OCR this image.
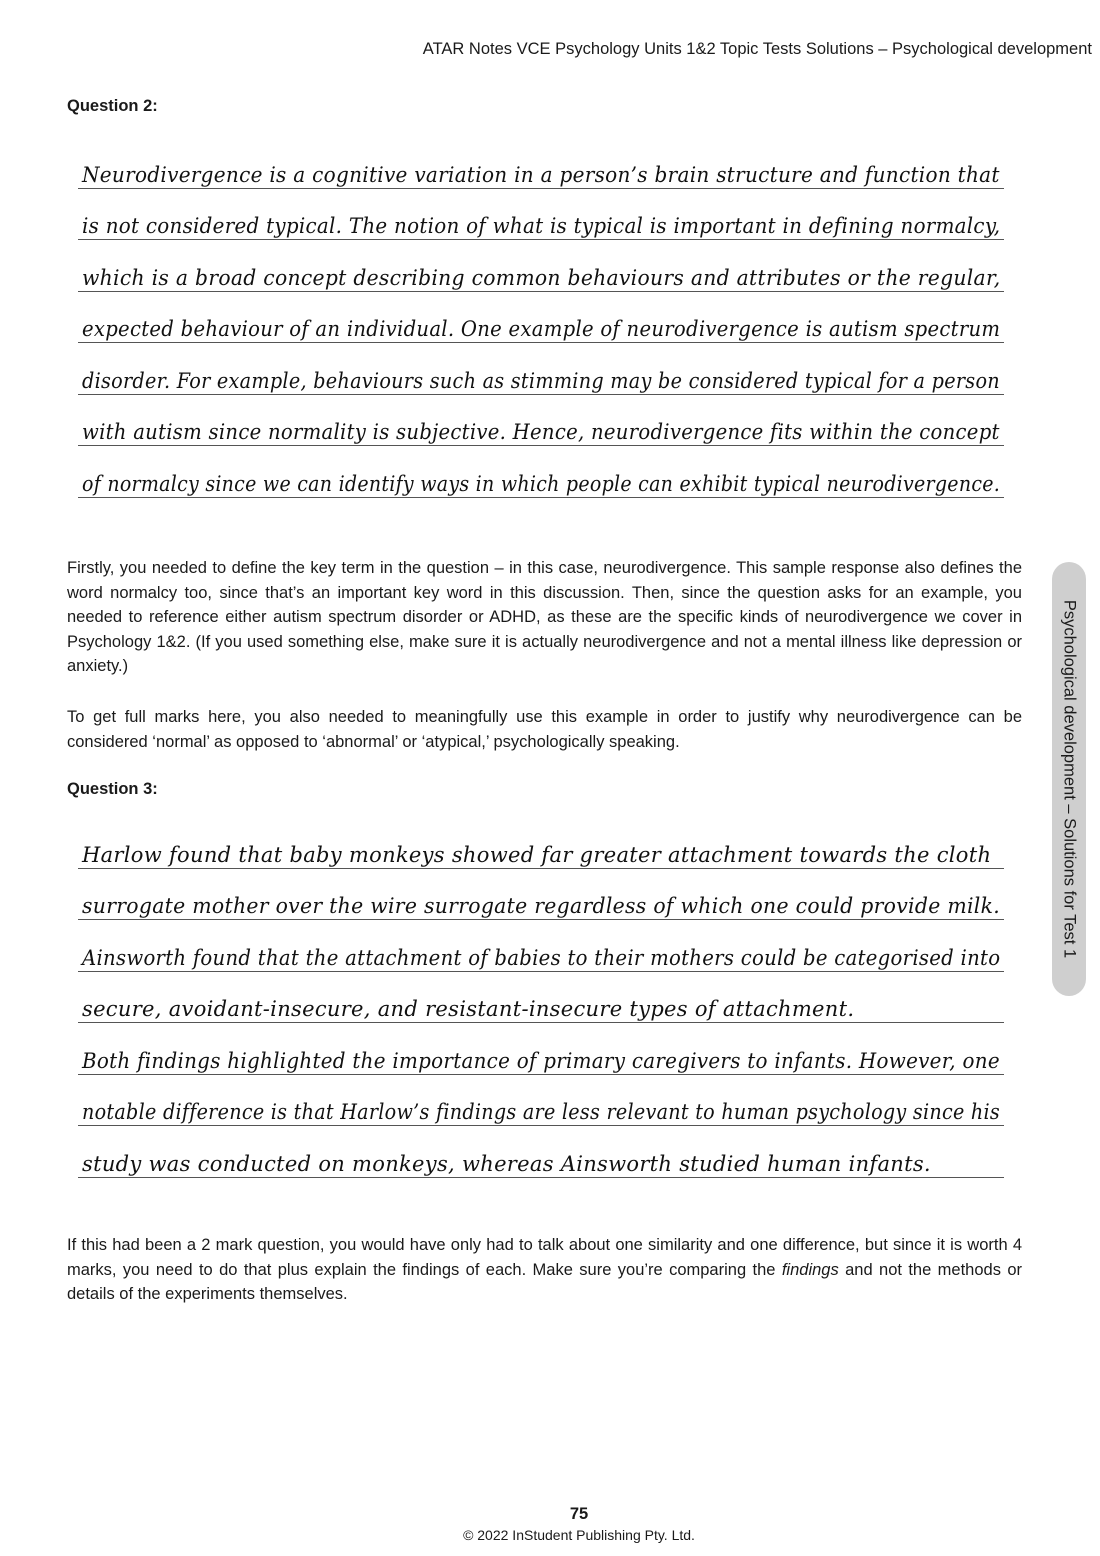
ATAR Notes VCE Psychology Units 1&2 Topic Tests Solutions – Psychological development
Question 2:
Neurodivergence is a cognitive variation in a person’s brain structure and function that
is not considered typical. The notion of what is typical is important in defining normalcy,
which is a broad concept describing common behaviours and attributes or the regular,
expected behaviour of an individual. One example of neurodivergence is autism spectrum
disorder. For example, behaviours such as stimming may be considered typical for a person
with autism since normality is subjective. Hence, neurodivergence fits within the concept
of normalcy since we can identify ways in which people can exhibit typical neurodivergence.

Firstly, you needed to define the key term in the question – in this case, neurodivergence. This sample response also defines the word normalcy too, since that’s an important key word in this discussion. Then, since the question asks for an example, you needed to reference either autism spectrum disorder or ADHD, as these are the specific kinds of neurodivergence we cover in Psychology 1&2. (If you used something else, make sure it is actually neurodivergence and not a mental illness like depression or anxiety.)

To get full marks here, you also needed to meaningfully use this example in order to justify why neurodivergence can be considered ‘normal’ as opposed to ‘abnormal’ or ‘atypical,’ psychologically speaking.

Question 3:
Harlow found that baby monkeys showed far greater attachment towards the cloth
surrogate mother over the wire surrogate regardless of which one could provide milk.
Ainsworth found that the attachment of babies to their mothers could be categorised into
secure, avoidant-insecure, and resistant-insecure types of attachment.
Both findings highlighted the importance of primary caregivers to infants. However, one
notable difference is that Harlow’s findings are less relevant to human psychology since his
study was conducted on monkeys, whereas Ainsworth studied human infants.

If this had been a 2 mark question, you would have only had to talk about one similarity and one difference, but since it is worth 4 marks, you need to do that plus explain the findings of each. Make sure you’re comparing the findings and not the methods or details of the experiments themselves.

Psychological development – Solutions for Test 1
75
© 2022 InStudent Publishing Pty. Ltd.
